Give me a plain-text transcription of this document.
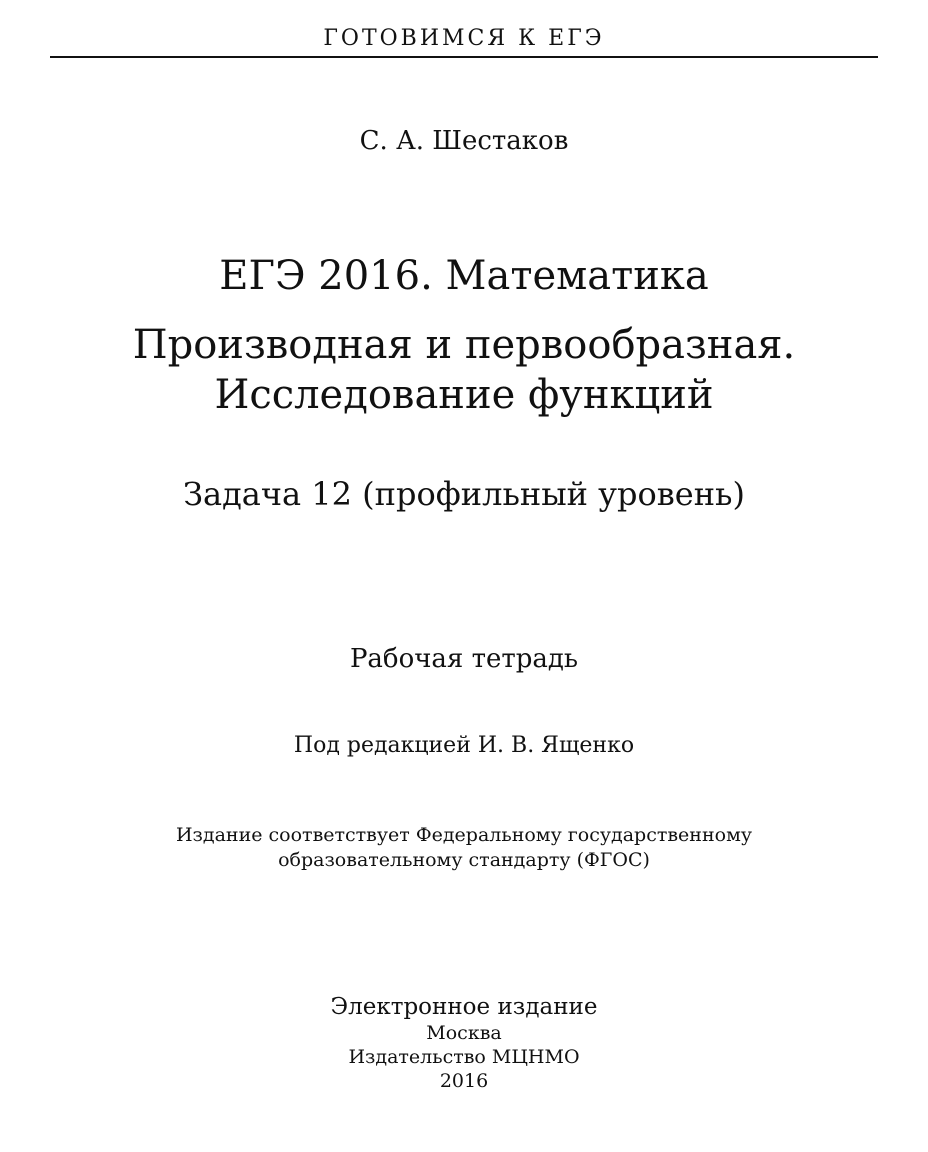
ГОТОВИМСЯ К ЕГЭ
С. А. Шестаков
ЕГЭ 2016. Математика
Производная и первообразная.
Исследование функций
Задача 12 (профильный уровень)
Рабочая тетрадь
Под редакцией И. В. Ященко
Издание соответствует Федеральному государственному
образовательному стандарту (ФГОС)
Электронное издание
Москва
Издательство МЦНМО
2016
